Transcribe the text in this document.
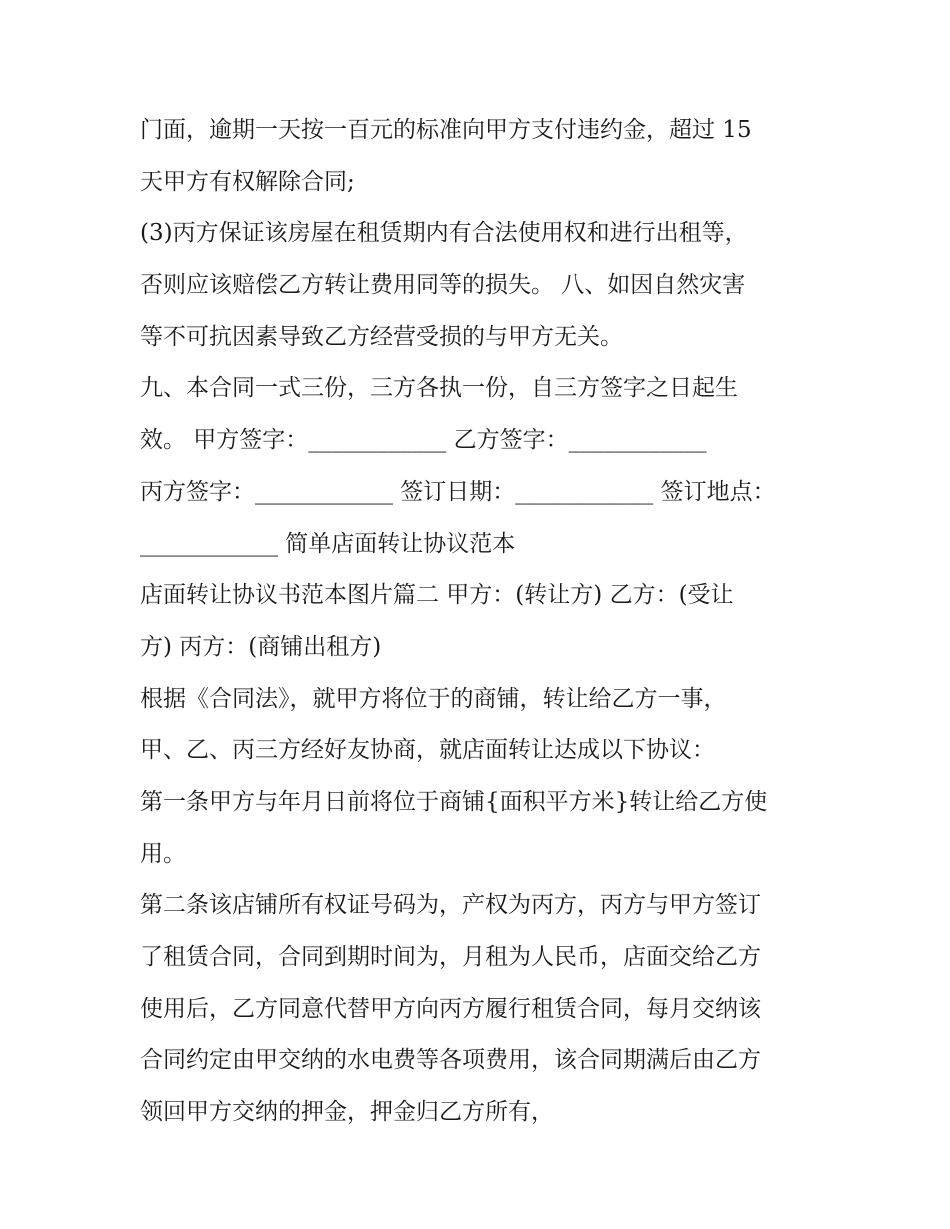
门面，逾期一天按一百元的标准向甲方支付违约金，超过 15
天甲方有权解除合同;
(3)丙方保证该房屋在租赁期内有合法使用权和进行出租等，
否则应该赔偿乙方转让费用同等的损失。 八、如因自然灾害
等不可抗因素导致乙方经营受损的与甲方无关。
九、本合同一式三份，三方各执一份，自三方签字之日起生
效。 甲方签字：____________ 乙方签字：____________
丙方签字：____________ 签订日期：____________ 签订地点：
____________ 简单店面转让协议范本
店面转让协议书范本图片篇二 甲方：(转让方) 乙方：(受让
方) 丙方：(商铺出租方)
根据《合同法》，就甲方将位于的商铺，转让给乙方一事，
甲、乙、丙三方经好友协商，就店面转让达成以下协议：
第一条甲方与年月日前将位于商铺{面积平方米}转让给乙方使
用。
第二条该店铺所有权证号码为，产权为丙方，丙方与甲方签订
了租赁合同，合同到期时间为，月租为人民币，店面交给乙方
使用后，乙方同意代替甲方向丙方履行租赁合同，每月交纳该
合同约定由甲交纳的水电费等各项费用，该合同期满后由乙方
领回甲方交纳的押金，押金归乙方所有，
